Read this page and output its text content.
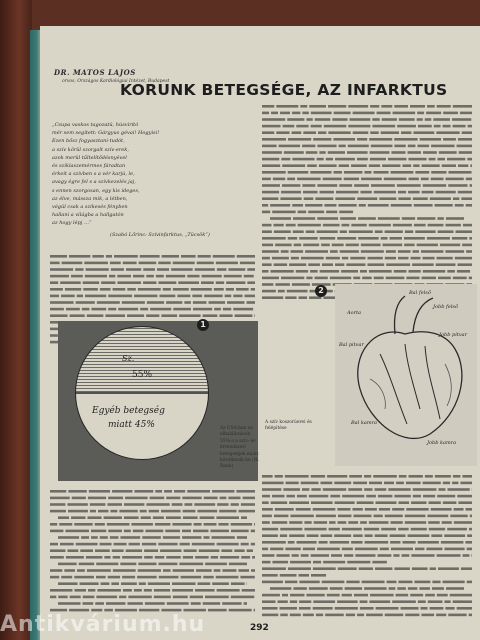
DR. MATOS LAJOS
orvos, Országos Kardiológiai Intézet, Budapest
KORUNK BETEGSÉGE, AZ INFARKTUS
„Csupa vaskos tagozatú, húsvirító
mér sem segített: Gárgyus gévai! Hogyisi!
Ezen bősz fogyasztani-tudót,
a szív körül szorgalt szív-erek,
azok merül tűltelítődésnyével
és sziklaszemérmes fáradtan
érkeit a szívben s a vér karjú, le,
avagy égre fel s a szívkezelés jaj,
s ennen szorgosan, egy kis ideges,
az élve, mássza mik, a létben,
végül csak a szikesés fényben
hallani a világba a hallgatón
az hogy lépj …”
(Szabó Lőrinc: Szívinfarktus, „Tücsök”)
Sz.
55%
Egyéb betegség
miatt 45%
1
Az USA-ban az elhalálozások 55%-a a szív- és érrendszeri betegségek miatt következik be (W. Raab)
2
Aorta
Bal felső
Jobb felső
Bal pitvar
Jobb pitvar
Bal kamra
Jobb kamra
A szív koszorúerei és felépítése
292
Antikvárium.hu
